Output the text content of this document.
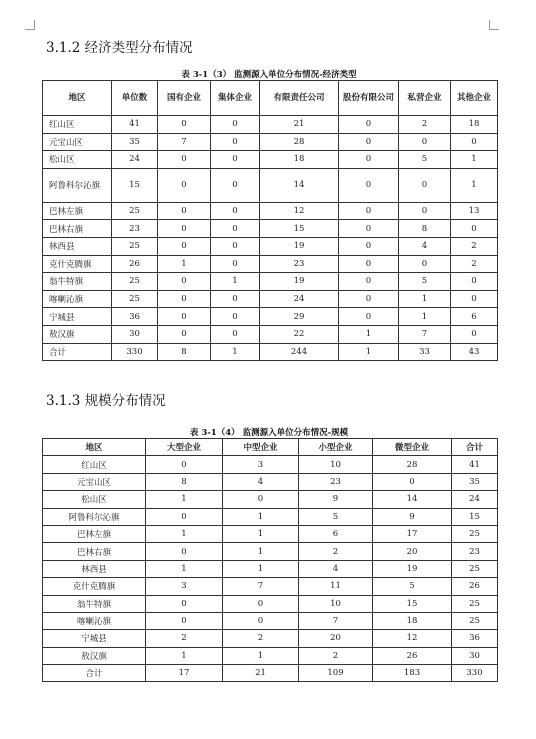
3.1.2 经济类型分布情况
表 3-1（3） 监测源入单位分布情况-经济类型
地区	单位数	国有企业	集体企业	有限责任公司	股份有限公司	私营企业	其他企业
红山区	41	0	0	21	0	2	18
元宝山区	35	7	0	28	0	0	0
松山区	24	0	0	18	0	5	1
阿鲁科尔沁旗	15	0	0	14	0	0	1
巴林左旗	25	0	0	12	0	0	13
巴林右旗	23	0	0	15	0	8	0
林西县	25	0	0	19	0	4	2
克什克腾旗	26	1	0	23	0	0	2
翁牛特旗	25	0	1	19	0	5	0
喀喇沁旗	25	0	0	24	0	1	0
宁城县	36	0	0	29	0	1	6
敖汉旗	30	0	0	22	1	7	0
合计	330	8	1	244	1	33	43
3.1.3 规模分布情况
表 3-1（4） 监测源入单位分布情况-规模
地区	大型企业	中型企业	小型企业	微型企业	合计
红山区	0	3	10	28	41
元宝山区	8	4	23	0	35
松山区	1	0	9	14	24
阿鲁科尔沁旗	0	1	5	9	15
巴林左旗	1	1	6	17	25
巴林右旗	0	1	2	20	23
林西县	1	1	4	19	25
克什克腾旗	3	7	11	5	26
翁牛特旗	0	0	10	15	25
喀喇沁旗	0	0	7	18	25
宁城县	2	2	20	12	36
敖汉旗	1	1	2	26	30
合计	17	21	109	183	330
